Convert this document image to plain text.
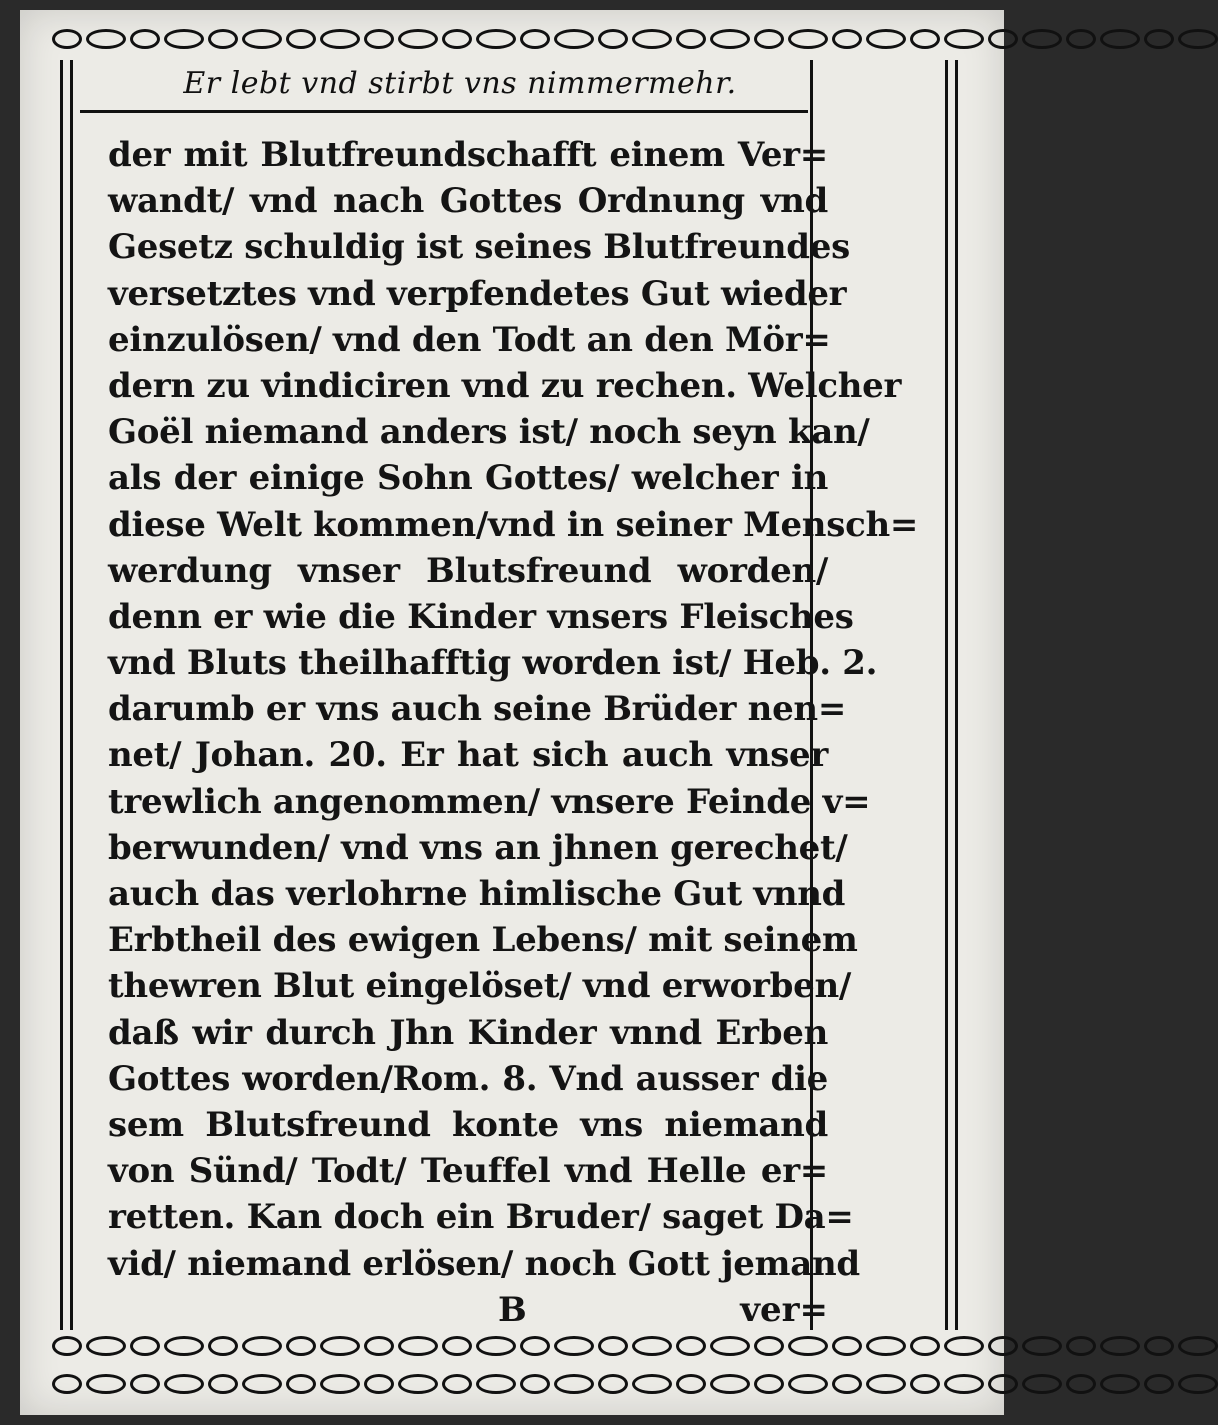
Er lebt vnd stirbt vns nimmermehr.
der mit Blutfreundschafft einem Ver=
wandt/ vnd nach Gottes Ordnung vnd
Gesetz schuldig ist seines Blutfreundes
versetztes vnd verpfendetes Gut wieder
einzulösen/ vnd den Todt an den Mör=
dern zu vindiciren vnd zu rechen. Welcher
Goël niemand anders ist/ noch seyn kan/
als der einige Sohn Gottes/ welcher in
diese Welt kommen/vnd in seiner Mensch=
werdung vnser Blutsfreund worden/
denn er wie die Kinder vnsers Fleisches
vnd Bluts theilhafftig worden ist/ Heb. 2.
darumb er vns auch seine Brüder nen=
net/ Johan. 20. Er hat sich auch vnser
trewlich angenommen/ vnsere Feinde v=
berwunden/ vnd vns an jhnen gerechet/
auch das verlohrne himlische Gut vnnd
Erbtheil des ewigen Lebens/ mit seinem
thewren Blut eingelöset/ vnd erworben/
daß wir durch Jhn Kinder vnnd Erben
Gottes worden/Rom. 8. Vnd ausser die
sem Blutsfreund konte vns niemand
von Sünd/ Todt/ Teuffel vnd Helle er=
retten. Kan doch ein Bruder/ saget Da=
vid/ niemand erlösen/ noch Gott jemand
B	ver=
